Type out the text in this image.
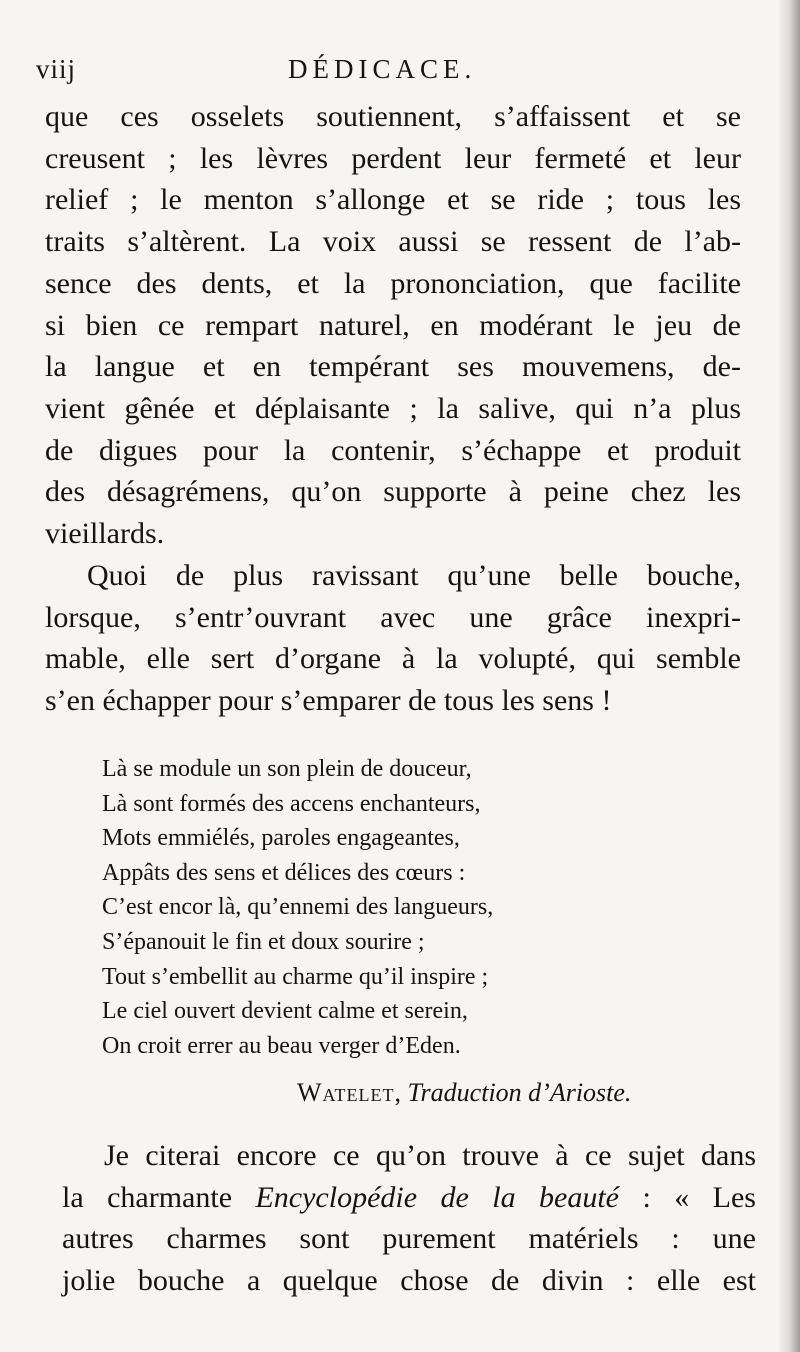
viij	DÉDICACE.

que ces osselets soutiennent, s’affaissent et se
creusent ; les lèvres perdent leur fermeté et leur
relief ; le menton s’allonge et se ride ; tous les
traits s’altèrent. La voix aussi se ressent de l’ab-
sence des dents, et la prononciation, que facilite
si bien ce rempart naturel, en modérant le jeu de
la langue et en tempérant ses mouvemens, de-
vient gênée et déplaisante ; la salive, qui n’a plus
de digues pour la contenir, s’échappe et produit
des désagrémens, qu’on supporte à peine chez les
vieillards.

Quoi de plus ravissant qu’une belle bouche,
lorsque, s’entr’ouvrant avec une grâce inexpri-
mable, elle sert d’organe à la volupté, qui semble
s’en échapper pour s’emparer de tous les sens !

Là se module un son plein de douceur,
Là sont formés des accens enchanteurs,
Mots emmiélés, paroles engageantes,
Appâts des sens et délices des cœurs :
C’est encor là, qu’ennemi des langueurs,
S’épanouit le fin et doux sourire ;
Tout s’embellit au charme qu’il inspire ;
Le ciel ouvert devient calme et serein,
On croit errer au beau verger d’Eden.
Watelet, Traduction d’Arioste.

Je citerai encore ce qu’on trouve à ce sujet dans
la charmante Encyclopédie de la beauté : « Les
autres charmes sont purement matériels : une
jolie bouche a quelque chose de divin : elle est
